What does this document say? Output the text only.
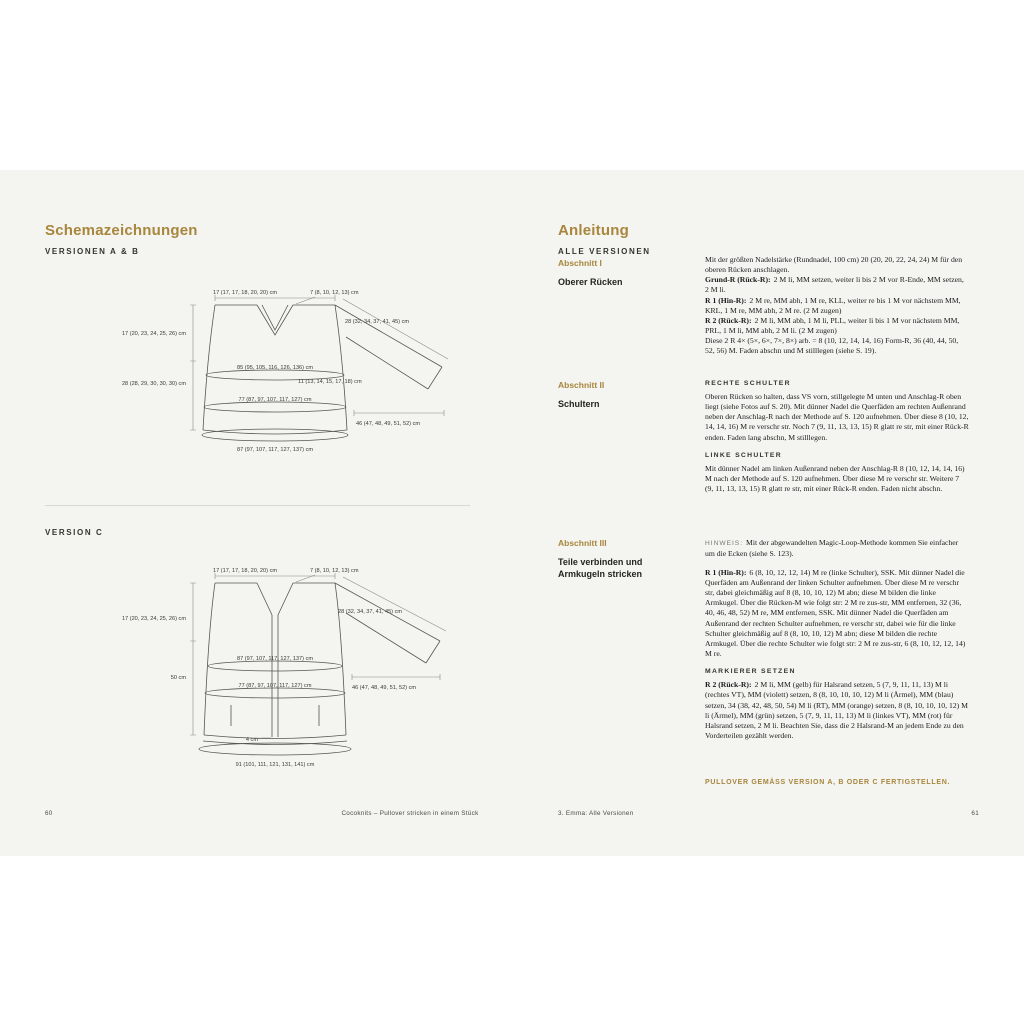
Schemazeichnungen
VERSIONEN A & B
17 (17, 17, 18, 20, 20) cm	7 (8, 10, 12, 13) cm
17 (20, 23, 24, 25, 26) cm
28 (28, 29, 30, 30, 30) cm
28 (32, 34, 37, 41, 45) cm
85 (95, 105, 116, 126, 136) cm
11 (13, 14, 15, 17, 18) cm
77 (87, 97, 107, 117, 127) cm
46 (47, 48, 49, 51, 52) cm
87 (97, 107, 117, 127, 137) cm
VERSION C
17 (17, 17, 18, 20, 20) cm	7 (8, 10, 12, 13) cm
17 (20, 23, 24, 25, 26) cm
50 cm
28 (32, 34, 37, 41, 45) cm
87 (97, 107, 117, 127, 137) cm
77 (87, 97, 107, 117, 127) cm	46 (47, 48, 49, 51, 52) cm
4 cm
91 (101, 111, 121, 131, 141) cm
60	Cocoknits – Pullover stricken in einem Stück
Anleitung
ALLE VERSIONEN
Abschnitt I
Oberer Rücken
Abschnitt II
Schultern
Abschnitt III
Teile verbinden und Armkugeln stricken

Mit der größten Nadelstärke (Rundnadel, 100 cm) 20 (20, 20, 22, 24, 24) M für den oberen Rücken anschlagen.

Grund-R (Rück-R): 2 M li, MM setzen, weiter li bis 2 M vor R-Ende, MM setzen, 2 M li.

R 1 (Hin-R): 2 M re, MM abh, 1 M re, KLL, weiter re bis 1 M vor nächstem MM, KRL, 1 M re, MM abh, 2 M re. (2 M zugen)

R 2 (Rück-R): 2 M li, MM abh, 1 M li, PLL, weiter li bis 1 M vor nächstem MM, PRL, 1 M li, MM abh, 2 M li. (2 M zugen)

Diese 2 R 4× (5×, 6×, 7×, 8×) arb. = 8 (10, 12, 14, 14, 16) Form-R, 36 (40, 44, 50, 52, 56) M. Faden abschn und M stilllegen (siehe S. 19).

RECHTE SCHULTER

Oberen Rücken so halten, dass VS vorn, stillgelegte M unten und Anschlag-R oben liegt (siehe Fotos auf S. 20). Mit dünner Nadel die Querfäden am rechten Außenrand neben der Anschlag-R nach der Methode auf S. 120 aufnehmen. Über diese 8 (10, 12, 14, 14, 16) M re verschr str. Noch 7 (9, 11, 13, 13, 15) R glatt re str, mit einer Rück-R enden. Faden lang abschn, M stilllegen.

LINKE SCHULTER

Mit dünner Nadel am linken Außenrand neben der Anschlag-R 8 (10, 12, 14, 14, 16) M nach der Methode auf S. 120 aufnehmen. Über diese M re verschr str. Weitere 7 (9, 11, 13, 13, 15) R glatt re str, mit einer Rück-R enden. Faden nicht abschn.

HINWEIS: Mit der abgewandelten Magic-Loop-Methode kommen Sie einfacher um die Ecken (siehe S. 123).

R 1 (Hin-R): 6 (8, 10, 12, 12, 14) M re (linke Schulter), SSK. Mit dünner Nadel die Querfäden am Außenrand der linken Schulter aufnehmen. Über diese M re verschr str, dabei gleichmäßig auf 8 (8, 10, 10, 12) M abn; diese M bilden die linke Armkugel. Über die Rücken-M wie folgt str: 2 M re zus-str, MM entfernen, 32 (36, 40, 46, 48, 52) M re, MM entfernen, SSK. Mit dünner Nadel die Querfäden am Außenrand der rechten Schulter aufnehmen, re verschr str, dabei wie für die linke Schulter gleichmäßig auf 8 (8, 10, 10, 12) M abn; diese M bilden die rechte Armkugel. Über die rechte Schulter wie folgt str: 2 M re zus-str, 6 (8, 10, 12, 12, 14) M re.

MARKIERER SETZEN

R 2 (Rück-R): 2 M li, MM (gelb) für Halsrand setzen, 5 (7, 9, 11, 11, 13) M li (rechtes VT), MM (violett) setzen, 8 (8, 10, 10, 10, 12) M li (Ärmel), MM (blau) setzen, 34 (38, 42, 48, 50, 54) M li (RT), MM (orange) setzen, 8 (8, 10, 10, 10, 12) M li (Ärmel), MM (grün) setzen, 5 (7, 9, 11, 11, 13) M li (linkes VT), MM (rot) für Halsrand setzen, 2 M li. Beachten Sie, dass die 2 Halsrand-M an jedem Ende zu den Vorderteilen gezählt werden.

PULLOVER GEMÄSS VERSION A, B ODER C FERTIGSTELLEN.
3. Emma: Alle Versionen	61
